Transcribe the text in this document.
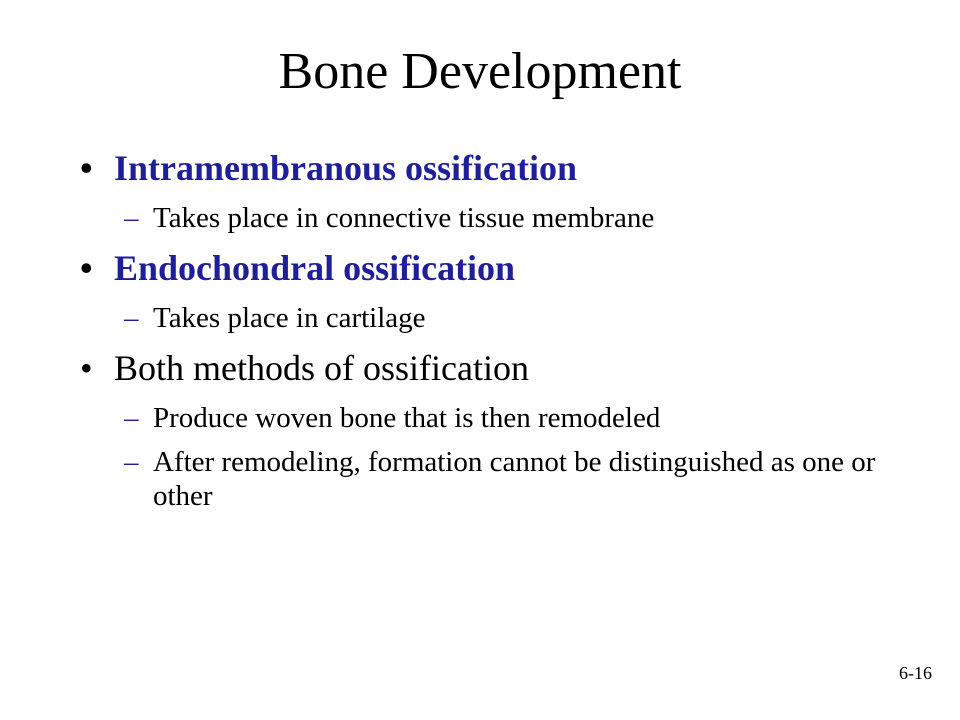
Bone Development
• Intramembranous ossification
– Takes place in connective tissue membrane
• Endochondral ossification
– Takes place in cartilage
• Both methods of ossification
– Produce woven bone that is then remodeled
– After remodeling, formation cannot be distinguished as one or other
6-16
